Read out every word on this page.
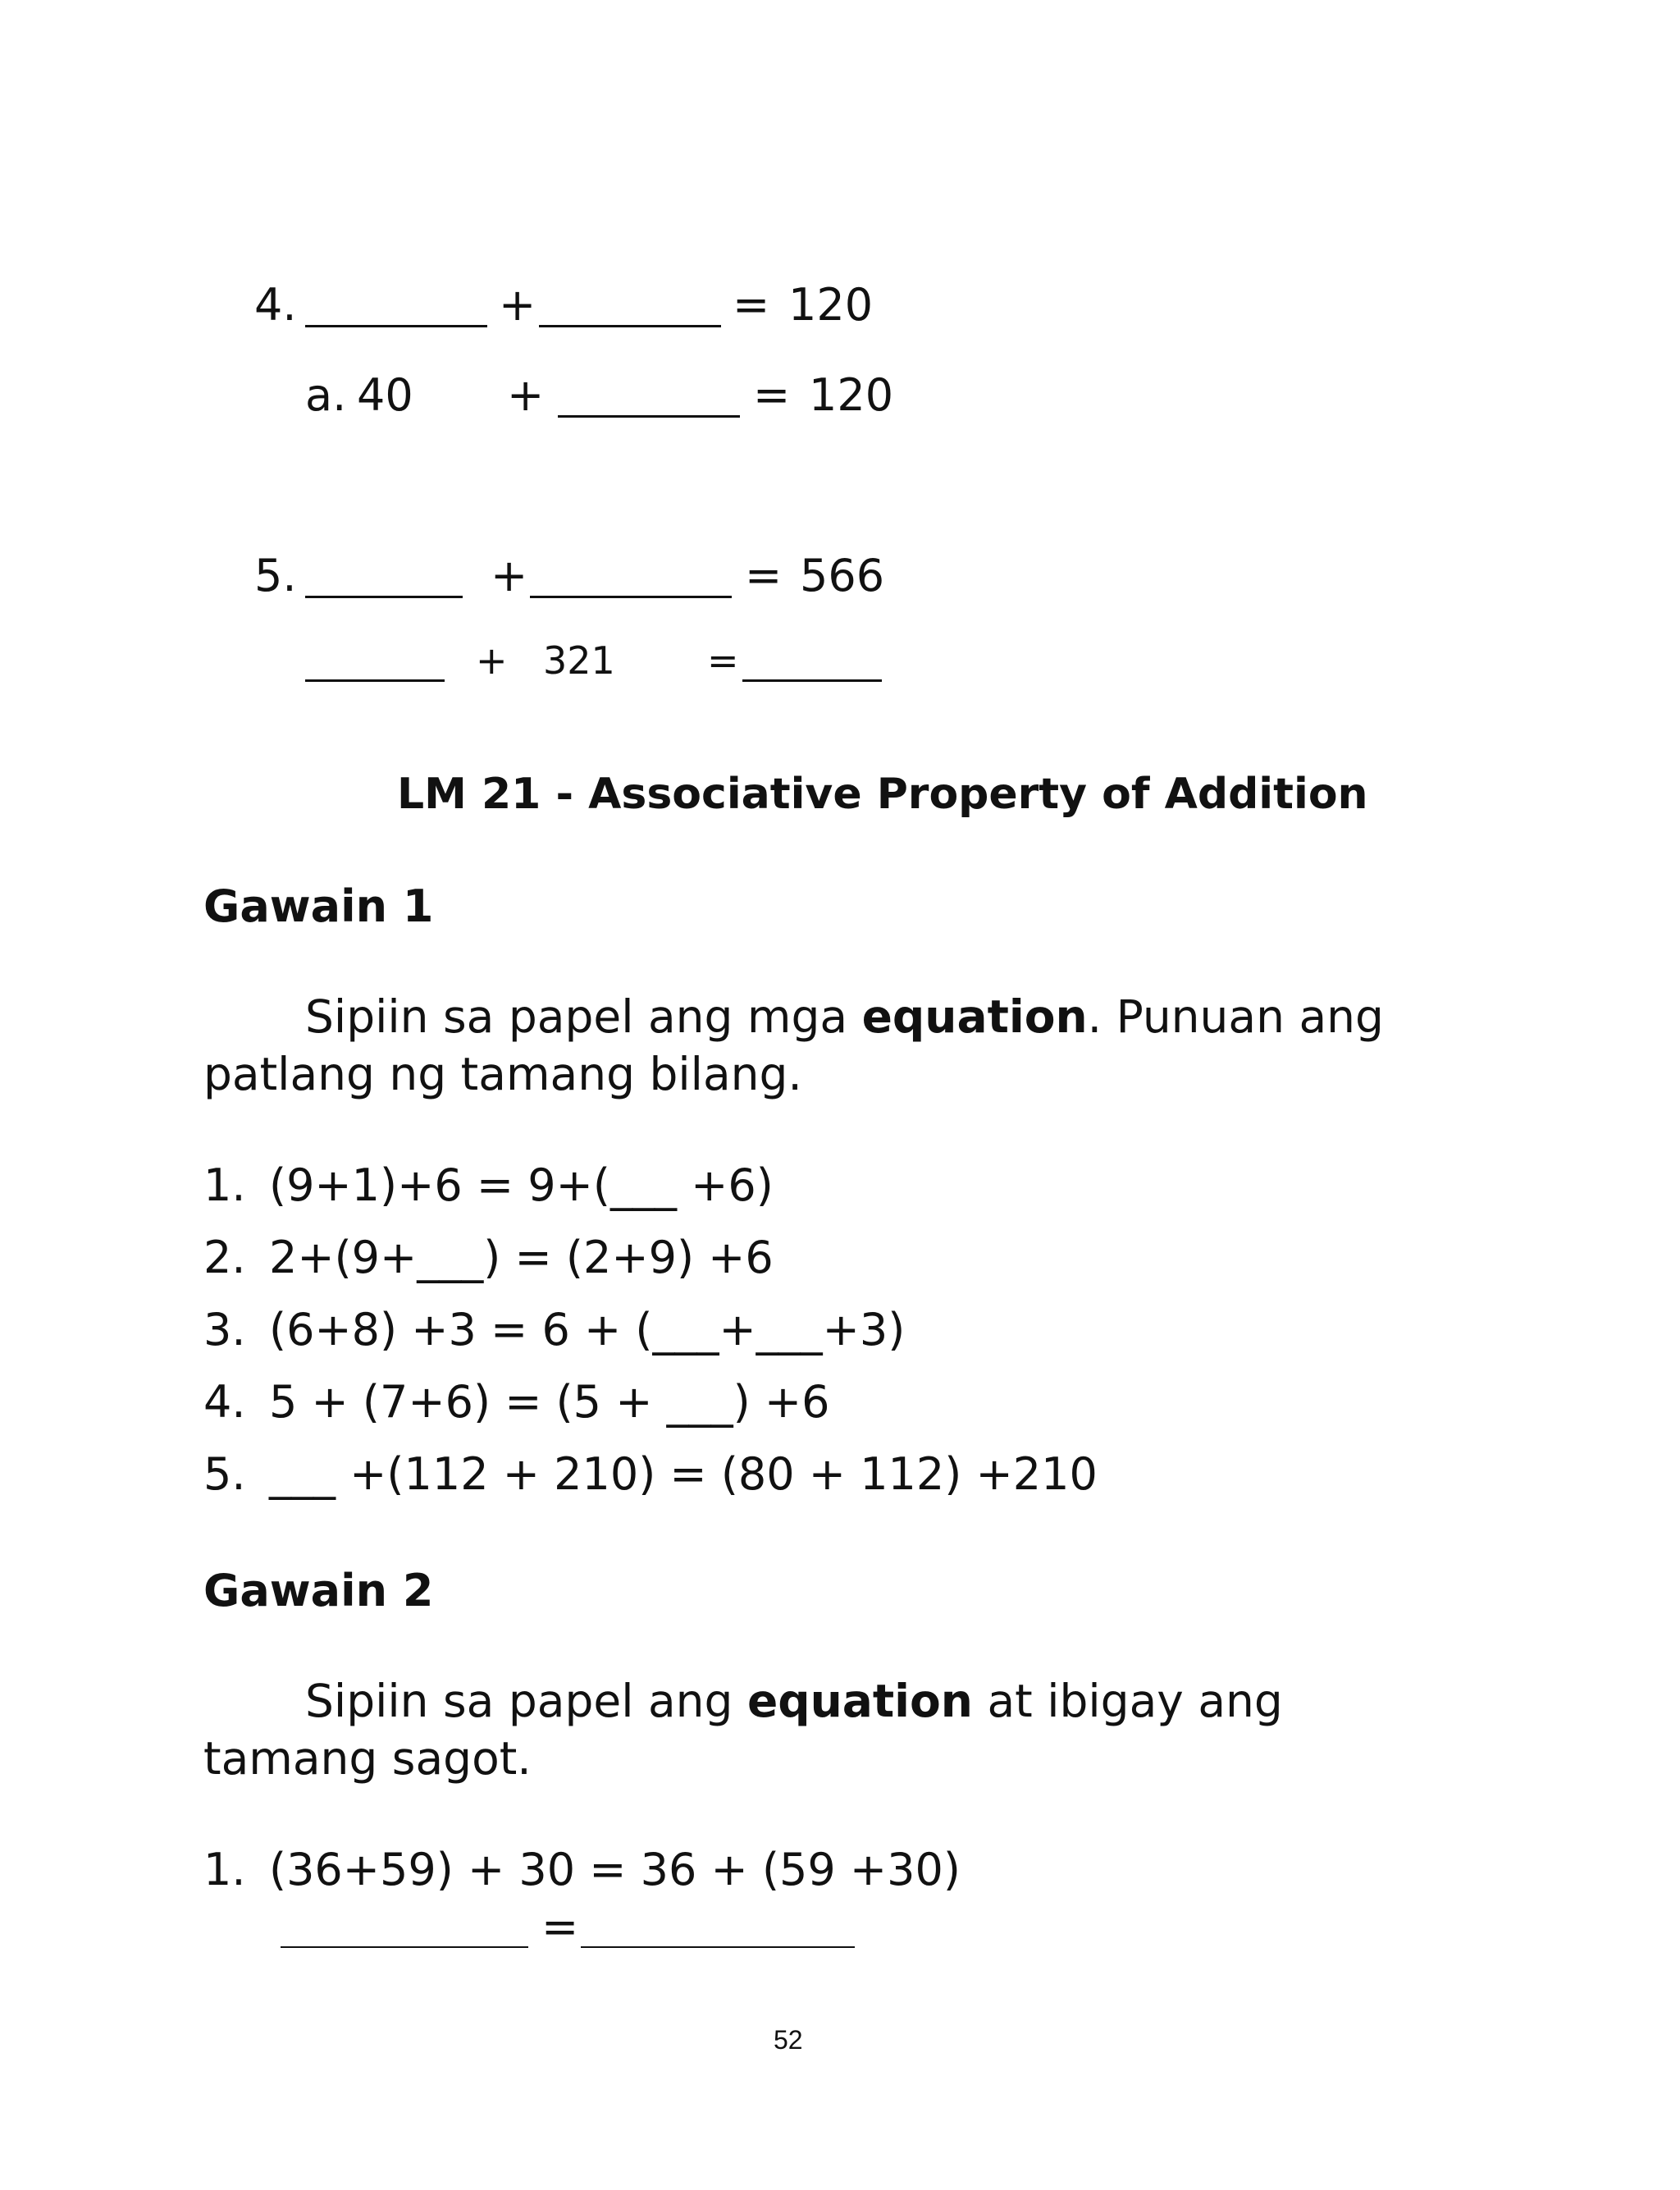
4.	+	= 120
a. 40 +	= 120
5.	+	= 566
+ 321 =
LM 21 - Associative Property of Addition
Gawain 1
Sipiin sa papel ang mga equation. Punuan ang
patlang ng tamang bilang.
1. (9+1)+6 = 9+(___ +6)
2. 2+(9+___) = (2+9) +6
3. (6+8) +3 = 6 + (___+___+3)
4. 5 + (7+6) = (5 + ___) +6
5. ___ +(112 + 210) = (80 + 112) +210
Gawain 2
Sipiin sa papel ang equation at ibigay ang
tamang sagot.
1. (36+59) + 30 = 36 + (59 +30)
=
52
